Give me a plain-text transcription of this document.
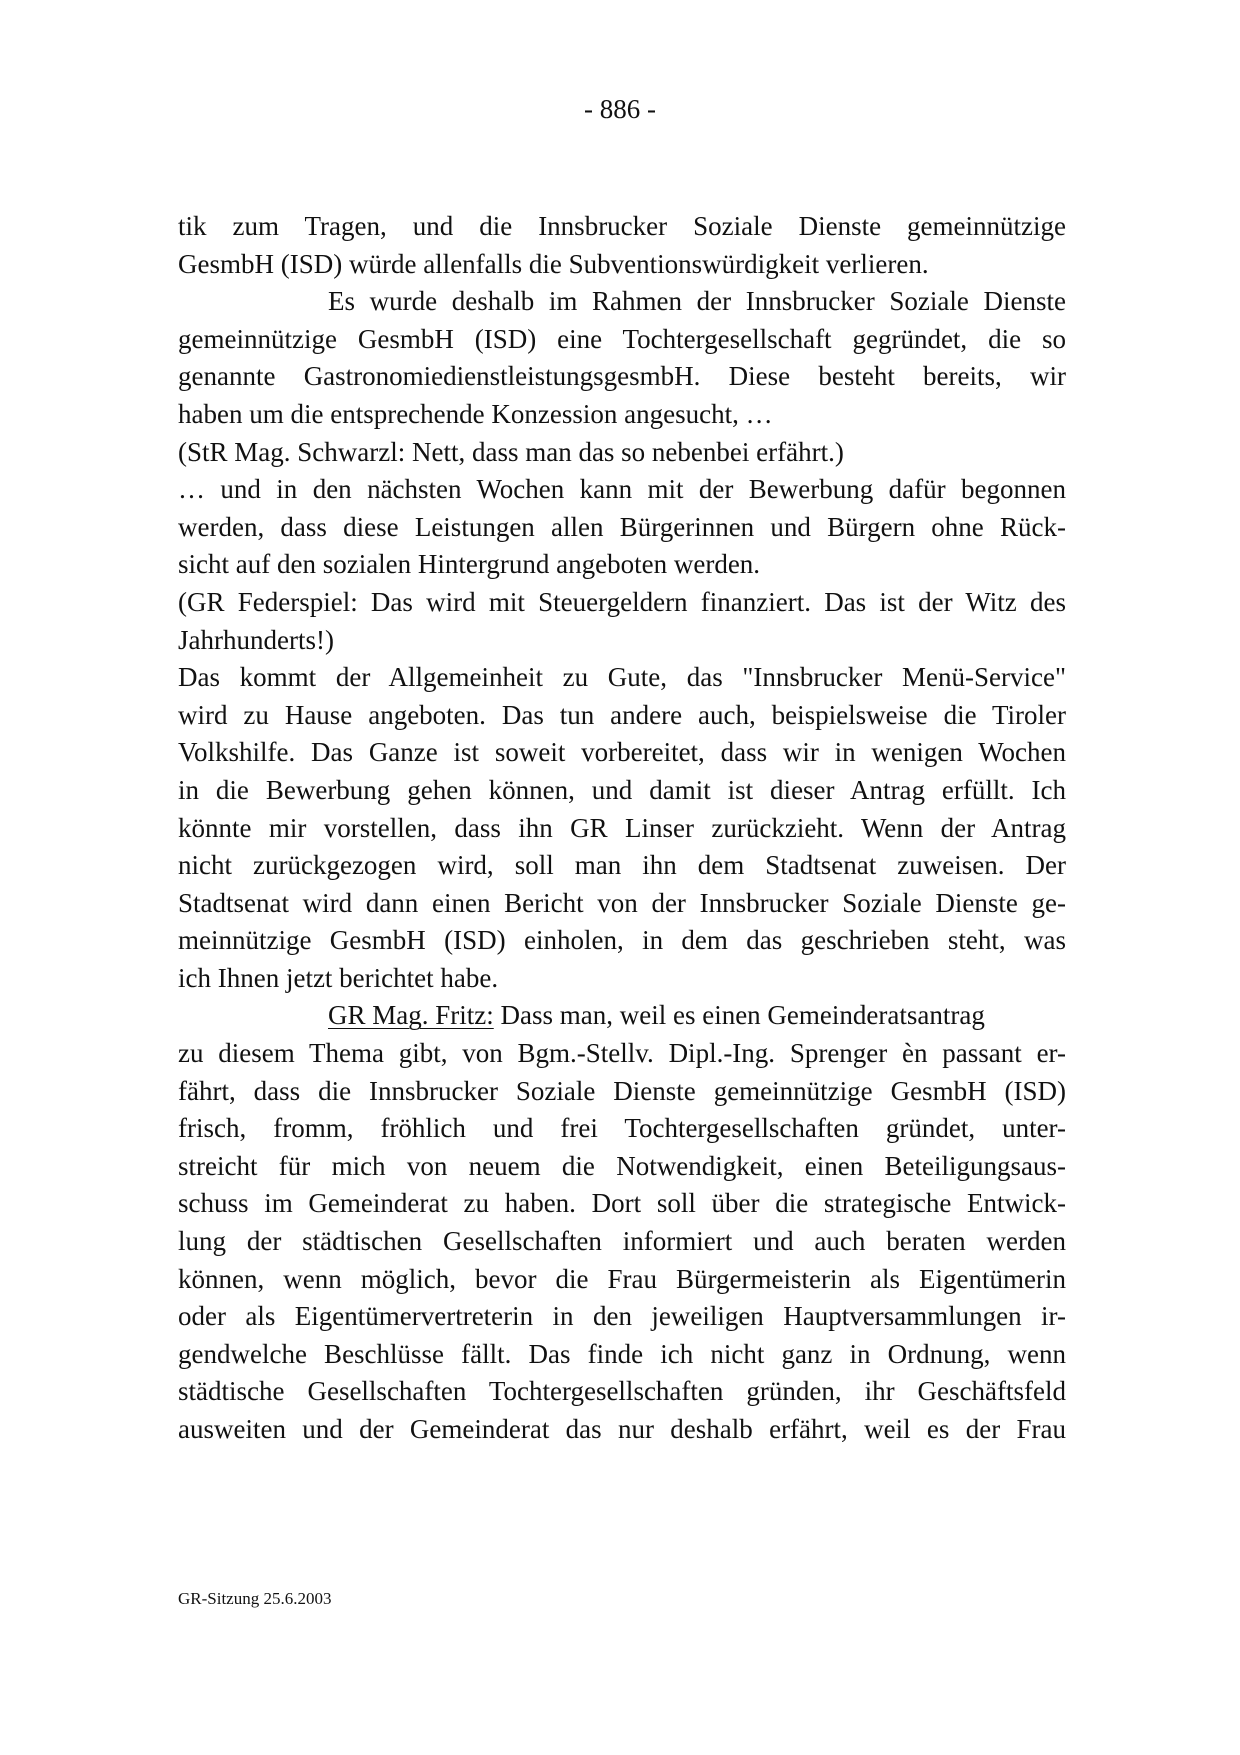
- 886 -
tik zum Tragen, und die Innsbrucker Soziale Dienste gemeinnützige
GesmbH (ISD) würde allenfalls die Subventionswürdigkeit verlieren.
Es wurde deshalb im Rahmen der Innsbrucker Soziale Dienste
gemeinnützige GesmbH (ISD) eine Tochtergesellschaft gegründet, die so
genannte GastronomiedienstleistungsgesmbH. Diese besteht bereits, wir
haben um die entsprechende Konzession angesucht, …
(StR Mag. Schwarzl: Nett, dass man das so nebenbei erfährt.)
… und in den nächsten Wochen kann mit der Bewerbung dafür begonnen
werden, dass diese Leistungen allen Bürgerinnen und Bürgern ohne Rück-
sicht auf den sozialen Hintergrund angeboten werden.
(GR Federspiel: Das wird mit Steuergeldern finanziert. Das ist der Witz des
Jahrhunderts!)
Das kommt der Allgemeinheit zu Gute, das "Innsbrucker Menü-Service"
wird zu Hause angeboten. Das tun andere auch, beispielsweise die Tiroler
Volkshilfe. Das Ganze ist soweit vorbereitet, dass wir in wenigen Wochen
in die Bewerbung gehen können, und damit ist dieser Antrag erfüllt. Ich
könnte mir vorstellen, dass ihn GR Linser zurückzieht. Wenn der Antrag
nicht zurückgezogen wird, soll man ihn dem Stadtsenat zuweisen. Der
Stadtsenat wird dann einen Bericht von der Innsbrucker Soziale Dienste ge-
meinnützige GesmbH (ISD) einholen, in dem das geschrieben steht, was
ich Ihnen jetzt berichtet habe.
GR Mag. Fritz: Dass man, weil es einen Gemeinderatsantrag
zu diesem Thema gibt, von Bgm.-Stellv. Dipl.-Ing. Sprenger èn passant er-
fährt, dass die Innsbrucker Soziale Dienste gemeinnützige GesmbH (ISD)
frisch, fromm, fröhlich und frei Tochtergesellschaften gründet, unter-
streicht für mich von neuem die Notwendigkeit, einen Beteiligungsaus-
schuss im Gemeinderat zu haben. Dort soll über die strategische Entwick-
lung der städtischen Gesellschaften informiert und auch beraten werden
können, wenn möglich, bevor die Frau Bürgermeisterin als Eigentümerin
oder als Eigentümervertreterin in den jeweiligen Hauptversammlungen ir-
gendwelche Beschlüsse fällt. Das finde ich nicht ganz in Ordnung, wenn
städtische Gesellschaften Tochtergesellschaften gründen, ihr Geschäftsfeld
ausweiten und der Gemeinderat das nur deshalb erfährt, weil es der Frau
GR-Sitzung 25.6.2003
